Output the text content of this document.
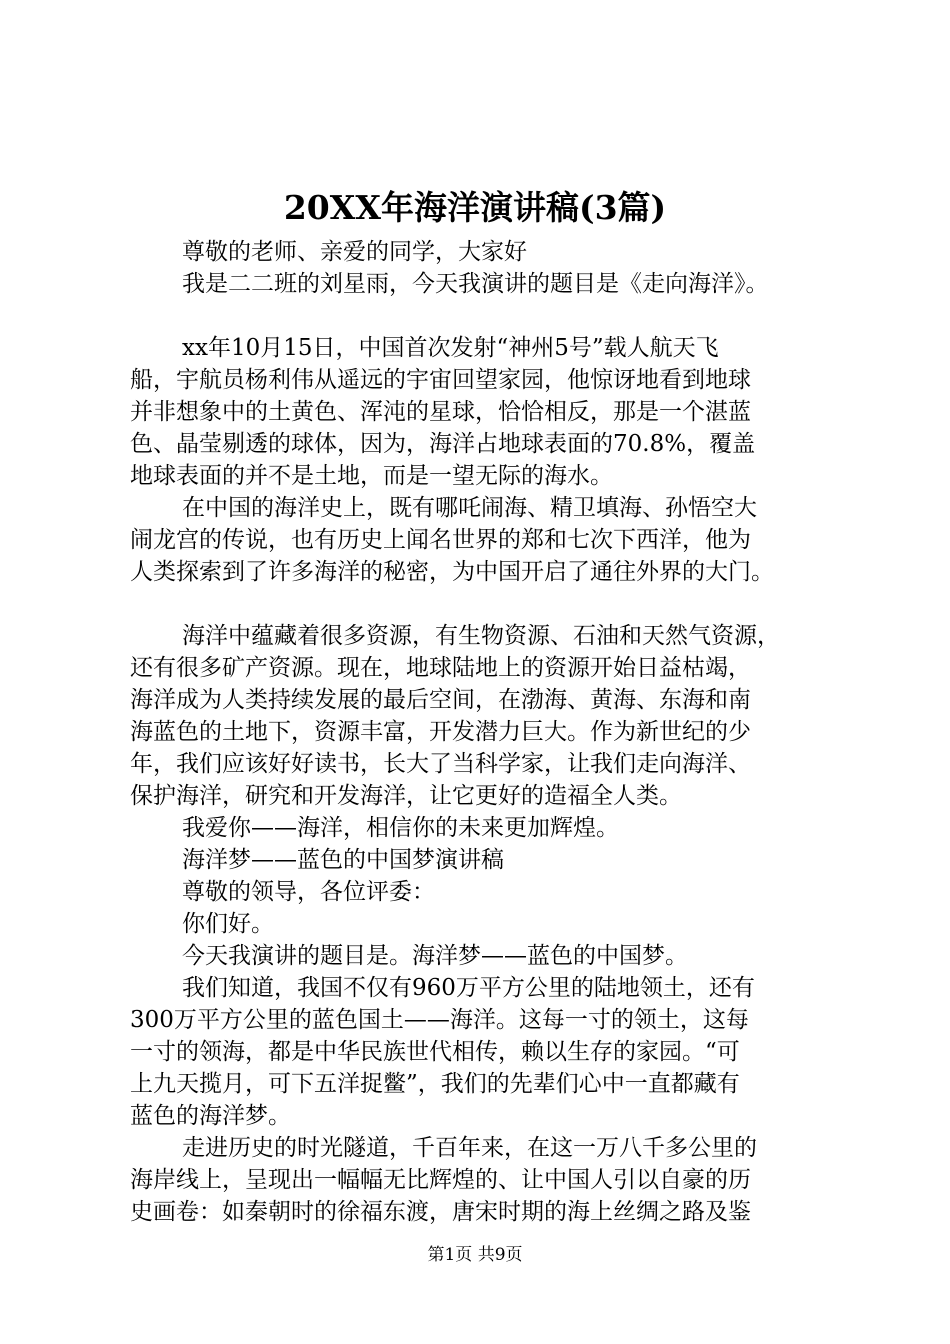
20XX年海洋演讲稿(3篇)
尊敬的老师、亲爱的同学，大家好
我是二二班的刘星雨，今天我演讲的题目是《走向海洋》。
xx年10月15日，中国首次发射“神州5号”载人航天飞
船，宇航员杨利伟从遥远的宇宙回望家园，他惊讶地看到地球
并非想象中的土黄色、浑沌的星球，恰恰相反，那是一个湛蓝
色、晶莹剔透的球体，因为，海洋占地球表面的70.8%，覆盖
地球表面的并不是土地，而是一望无际的海水。
在中国的海洋史上，既有哪吒闹海、精卫填海、孙悟空大
闹龙宫的传说，也有历史上闻名世界的郑和七次下西洋，他为
人类探索到了许多海洋的秘密，为中国开启了通往外界的大门。
海洋中蕴藏着很多资源，有生物资源、石油和天然气资源，
还有很多矿产资源。现在，地球陆地上的资源开始日益枯竭，
海洋成为人类持续发展的最后空间，在渤海、黄海、东海和南
海蓝色的土地下，资源丰富，开发潜力巨大。作为新世纪的少
年，我们应该好好读书，长大了当科学家，让我们走向海洋、
保护海洋，研究和开发海洋，让它更好的造福全人类。
我爱你——海洋，相信你的未来更加辉煌。
海洋梦——蓝色的中国梦演讲稿
尊敬的领导，各位评委：
你们好。
今天我演讲的题目是。海洋梦——蓝色的中国梦。
我们知道，我国不仅有960万平方公里的陆地领土，还有
300万平方公里的蓝色国土——海洋。这每一寸的领土，这每
一寸的领海，都是中华民族世代相传，赖以生存的家园。“可
上九天揽月，可下五洋捉鳖”，我们的先辈们心中一直都藏有
蓝色的海洋梦。
走进历史的时光隧道，千百年来，在这一万八千多公里的
海岸线上，呈现出一幅幅无比辉煌的、让中国人引以自豪的历
史画卷：如秦朝时的徐福东渡，唐宋时期的海上丝绸之路及鉴
第1页 共9页
